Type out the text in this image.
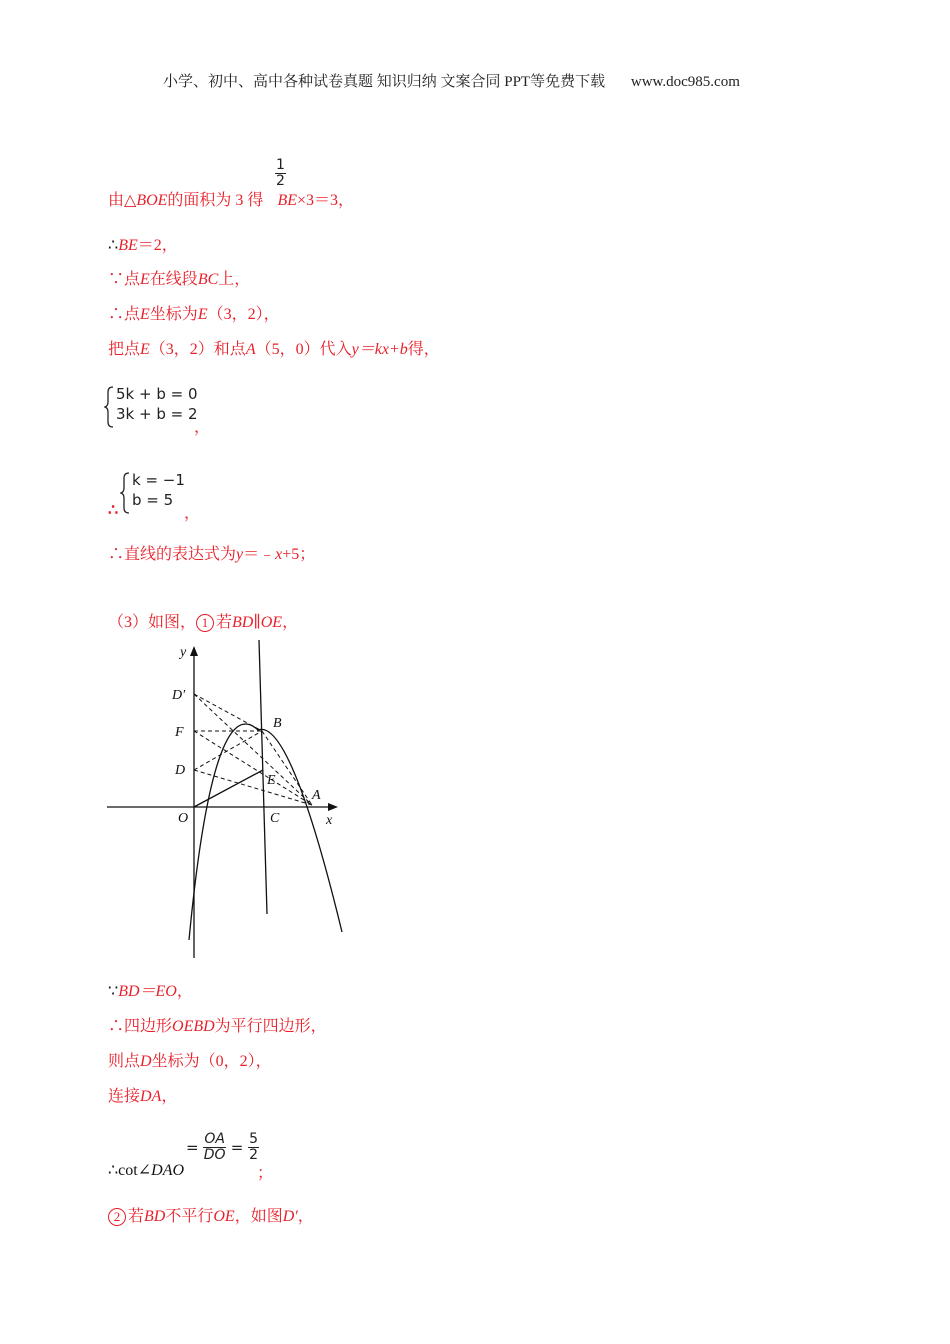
小学、初中、高中各种试卷真题 知识归纳 文案合同 PPT等免费下载 www.doc985.com
$\frac{1}{2}$
由△BOE的面积为 3 得 BE×3＝3，
∴BE＝2，
∵点E在线段BC上，
∴点E坐标为E（3，2），
把点E（3，2）和点A（5，0）代入y＝kx+b得，
5k + b = 0
3k + b = 2
，
∴
k = −1
b = 5
，
∴直线的表达式为y＝﹣x+5；
（3）如图， 1 若BD∥OE，
y
x
O	C
A
B
E
D
F
D′
∵BD＝EO，
∴四边形OEBD为平行四边形，
则点D坐标为（0，2），
连接DA，
∴cot∠DAO
= $\frac{OA}{DO} = \frac{5}{2}$
；
2 若BD不平行OE，如图D′，
